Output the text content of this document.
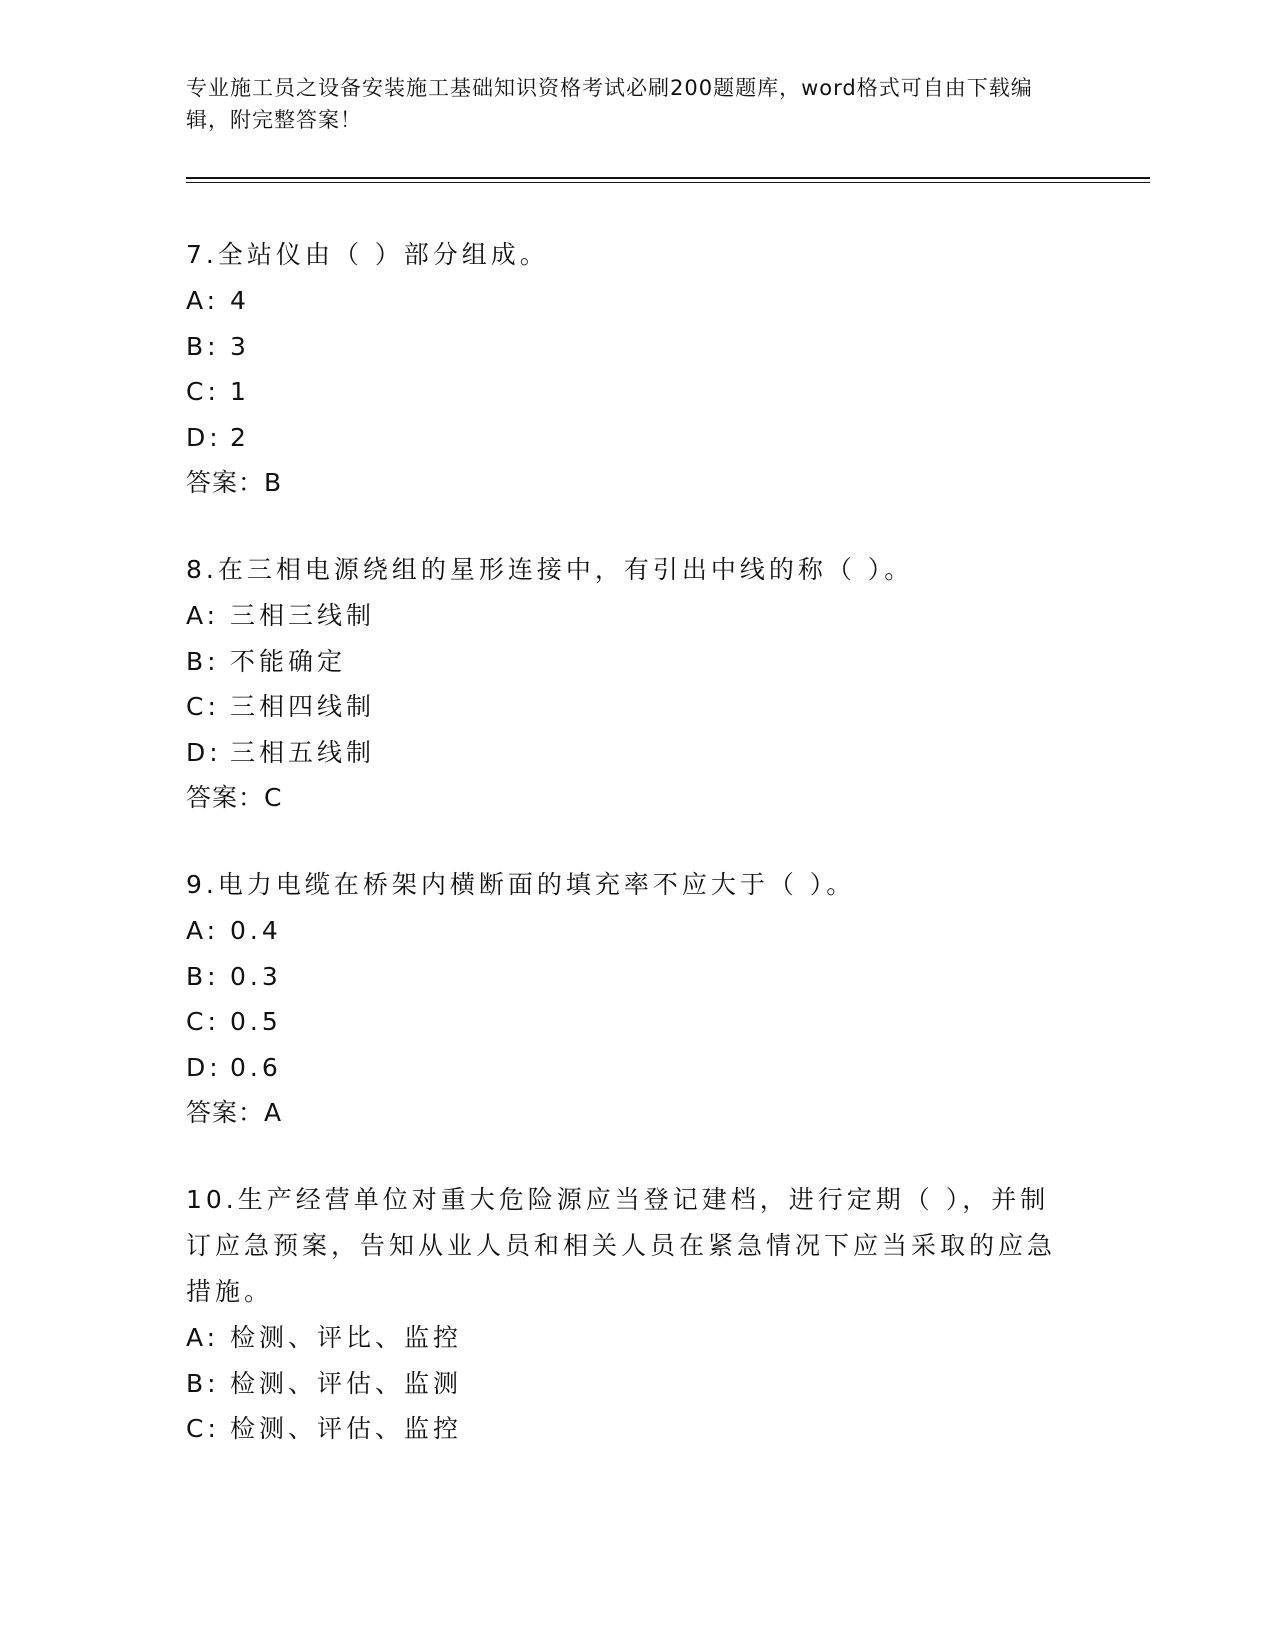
专业施工员之设备安装施工基础知识资格考试必刷200题题库，word格式可自由下载编辑，附完整答案！
7.全站仪由（ ）部分组成。
A: 4
B: 3
C: 1
D: 2
答案：B
8.在三相电源绕组的星形连接中，有引出中线的称（ ）。
A: 三相三线制
B: 不能确定
C: 三相四线制
D: 三相五线制
答案：C
9.电力电缆在桥架内横断面的填充率不应大于（ ）。
A: 0.4
B: 0.3
C: 0.5
D: 0.6
答案：A
10.生产经营单位对重大危险源应当登记建档，进行定期（ ），并制订应急预案，告知从业人员和相关人员在紧急情况下应当采取的应急措施。
A: 检测、评比、监控
B: 检测、评估、监测
C: 检测、评估、监控
